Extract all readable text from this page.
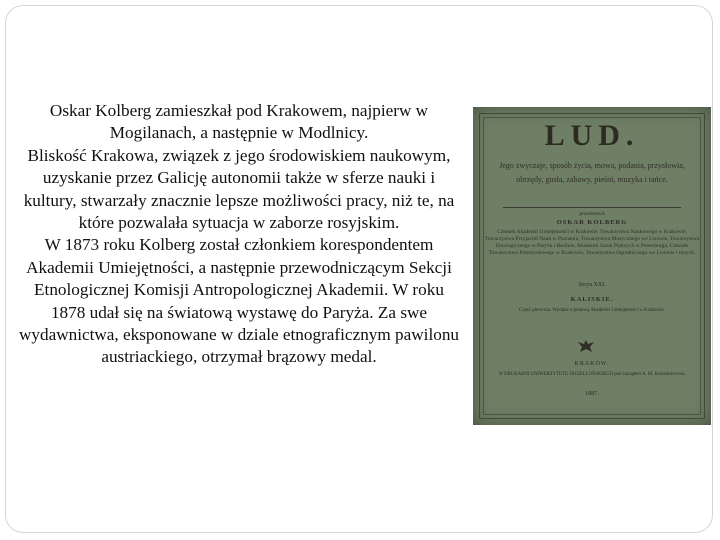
Oskar Kolberg zamieszkał pod Krakowem, najpierw w Mogilanach, a następnie w Modlnicy.

Bliskość Krakowa, związek z jego środowiskiem naukowym, uzyskanie przez Galicję autonomii także w sferze nauki i kultury, stwarzały znacznie lepsze możliwości pracy, niż te, na które pozwalała sytuacja w zaborze rosyjskim.

W 1873 roku Kolberg został członkiem korespondentem Akademii Umiejętności, a następnie przewodniczącym Sekcji Etnologicznej Komisji Antropologicznej Akademii. W roku 1878 udał się na światową wystawę do Paryża. Za swe wydawnictwa, eksponowane w dziale etnograficznym pawilonu austriackiego, otrzymał brązowy medal.

LUD.
Jego zwyczaje, sposób życia, mowa, podania, przysłowia, obrzędy, gusła, zabawy, pieśni, muzyka i tańce.
przedstawił
OSKAR KOLBERG
Członek Akademii Umiejętności w Krakowie, Towarzystwa Naukowego w Krakowie, Towarzystwa Przyjaciół Nauk w Poznaniu, Towarzystwa Muzycznego we Lwowie, Towarzystwa Etnologicznego w Paryżu i Berlinie, Akademii Sztuk Pięknych w Petersburgu, Członek Towarzystwa Przemysłowego w Krakowie, Towarzystwa Ogrodniczego we Lwowie i innych.
Serya XXI.
KALISKIE.
Część pierwsza. Wydane z pomocą Akademii Umiejętności w Krakowie.
KRAKÓW.
W DRUKARNI UNIWERSYTETU JAGIELLOŃSKIEGO pod zarządem A. M. Kosterkiewicza.
1887.
